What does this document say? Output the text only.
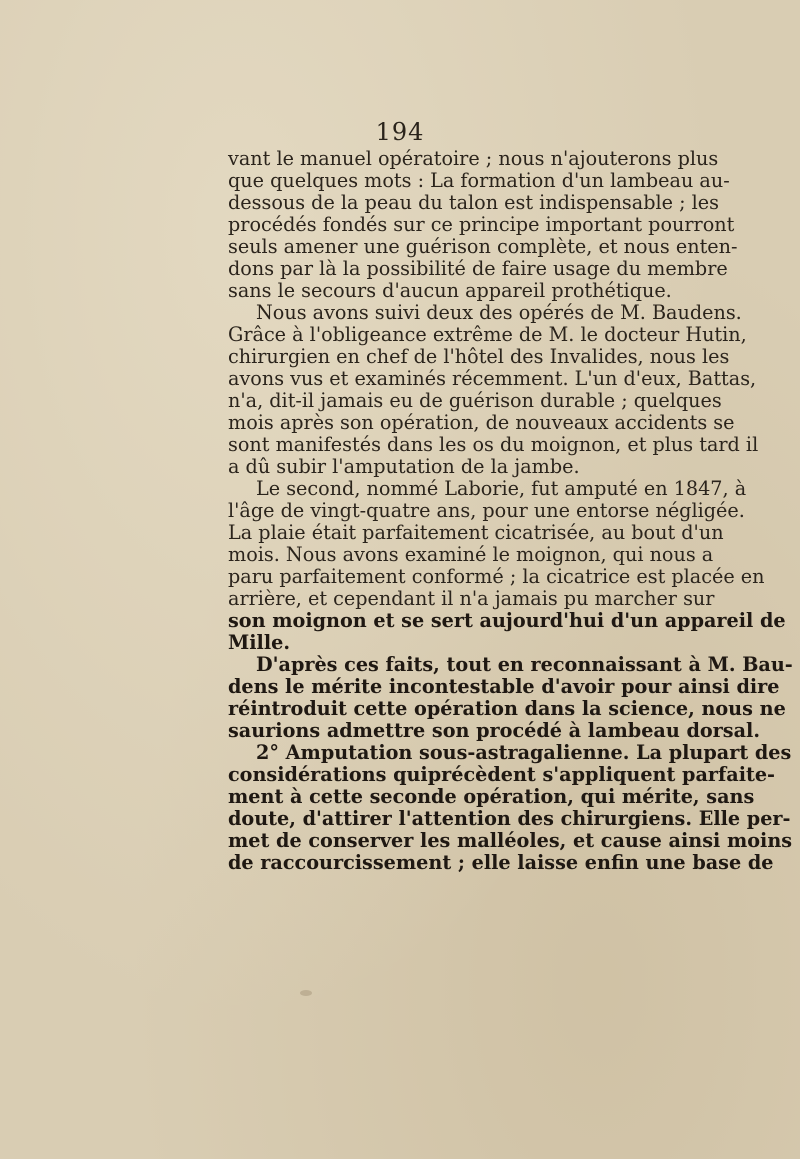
194
vant le manuel opératoire ; nous n'ajouterons plus
que quelques mots : La formation d'un lambeau au-
dessous de la peau du talon est indispensable ; les
procédés fondés sur ce principe important pourront
seuls amener une guérison complète, et nous enten-
dons par là la possibilité de faire usage du membre
sans le secours d'aucun appareil prothétique.
Nous avons suivi deux des opérés de M. Baudens.
Grâce à l'obligeance extrême de M. le docteur Hutin,
chirurgien en chef de l'hôtel des Invalides, nous les
avons vus et examinés récemment. L'un d'eux, Battas,
n'a, dit-il jamais eu de guérison durable ; quelques
mois après son opération, de nouveaux accidents se
sont manifestés dans les os du moignon, et plus tard il
a dû subir l'amputation de la jambe.
Le second, nommé Laborie, fut amputé en 1847, à
l'âge de vingt-quatre ans, pour une entorse négligée.
La plaie était parfaitement cicatrisée, au bout d'un
mois. Nous avons examiné le moignon, qui nous a
paru parfaitement conformé ; la cicatrice est placée en
arrière, et cependant il n'a jamais pu marcher sur
son moignon et se sert aujourd'hui d'un appareil de
Mille.
D'après ces faits, tout en reconnaissant à M. Bau-
dens le mérite incontestable d'avoir pour ainsi dire
réintroduit cette opération dans la science, nous ne
saurions admettre son procédé à lambeau dorsal.
2° Amputation sous-astragalienne. La plupart des
considérations quiprécèdent s'appliquent parfaite-
ment à cette seconde opération, qui mérite, sans
doute, d'attirer l'attention des chirurgiens. Elle per-
met de conserver les malléoles, et cause ainsi moins
de raccourcissement ; elle laisse enfin une base de
